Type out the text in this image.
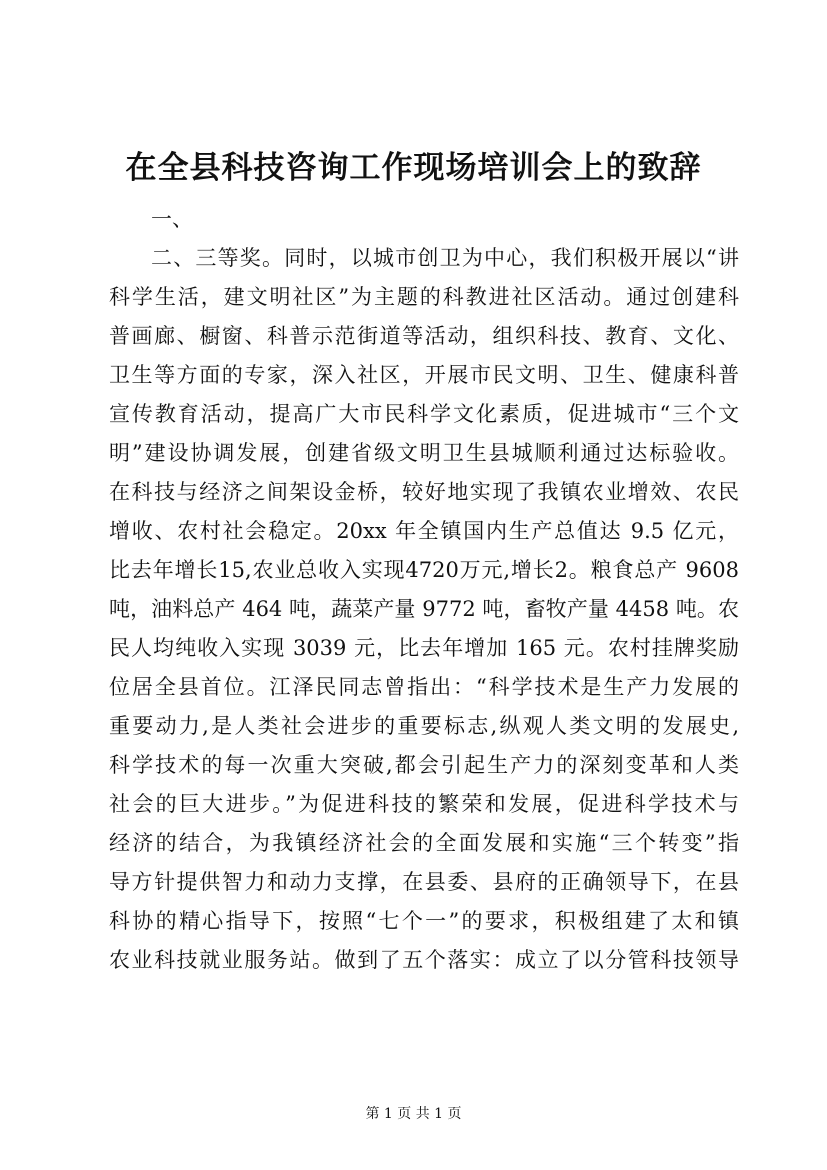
在全县科技咨询工作现场培训会上的致辞
一、
二、三等奖。同时，以城市创卫为中心，我们积极开展以“讲
科学生活，建文明社区”为主题的科教进社区活动。通过创建科
普画廊、橱窗、科普示范街道等活动，组织科技、教育、文化、
卫生等方面的专家，深入社区，开展市民文明、卫生、健康科普
宣传教育活动，提高广大市民科学文化素质，促进城市“三个文
明”建设协调发展，创建省级文明卫生县城顺利通过达标验收。
在科技与经济之间架设金桥，较好地实现了我镇农业增效、农民
增收、农村社会稳定。20xx 年全镇国内生产总值达 9.5 亿元，
比去年增长15,农业总收入实现4720万元,增长2。粮食总产 9608
吨，油料总产 464 吨，蔬菜产量 9772 吨，畜牧产量 4458 吨。农
民人均纯收入实现 3039 元，比去年增加 165 元。农村挂牌奖励
位居全县首位。江泽民同志曾指出：“科学技术是生产力发展的
重要动力,是人类社会进步的重要标志,纵观人类文明的发展史,
科学技术的每一次重大突破,都会引起生产力的深刻变革和人类
社会的巨大进步。”为促进科技的繁荣和发展，促进科学技术与
经济的结合，为我镇经济社会的全面发展和实施“三个转变”指
导方针提供智力和动力支撑，在县委、县府的正确领导下，在县
科协的精心指导下，按照“七个一”的要求，积极组建了太和镇
农业科技就业服务站。做到了五个落实：成立了以分管科技领导
第 1 页 共 1 页
